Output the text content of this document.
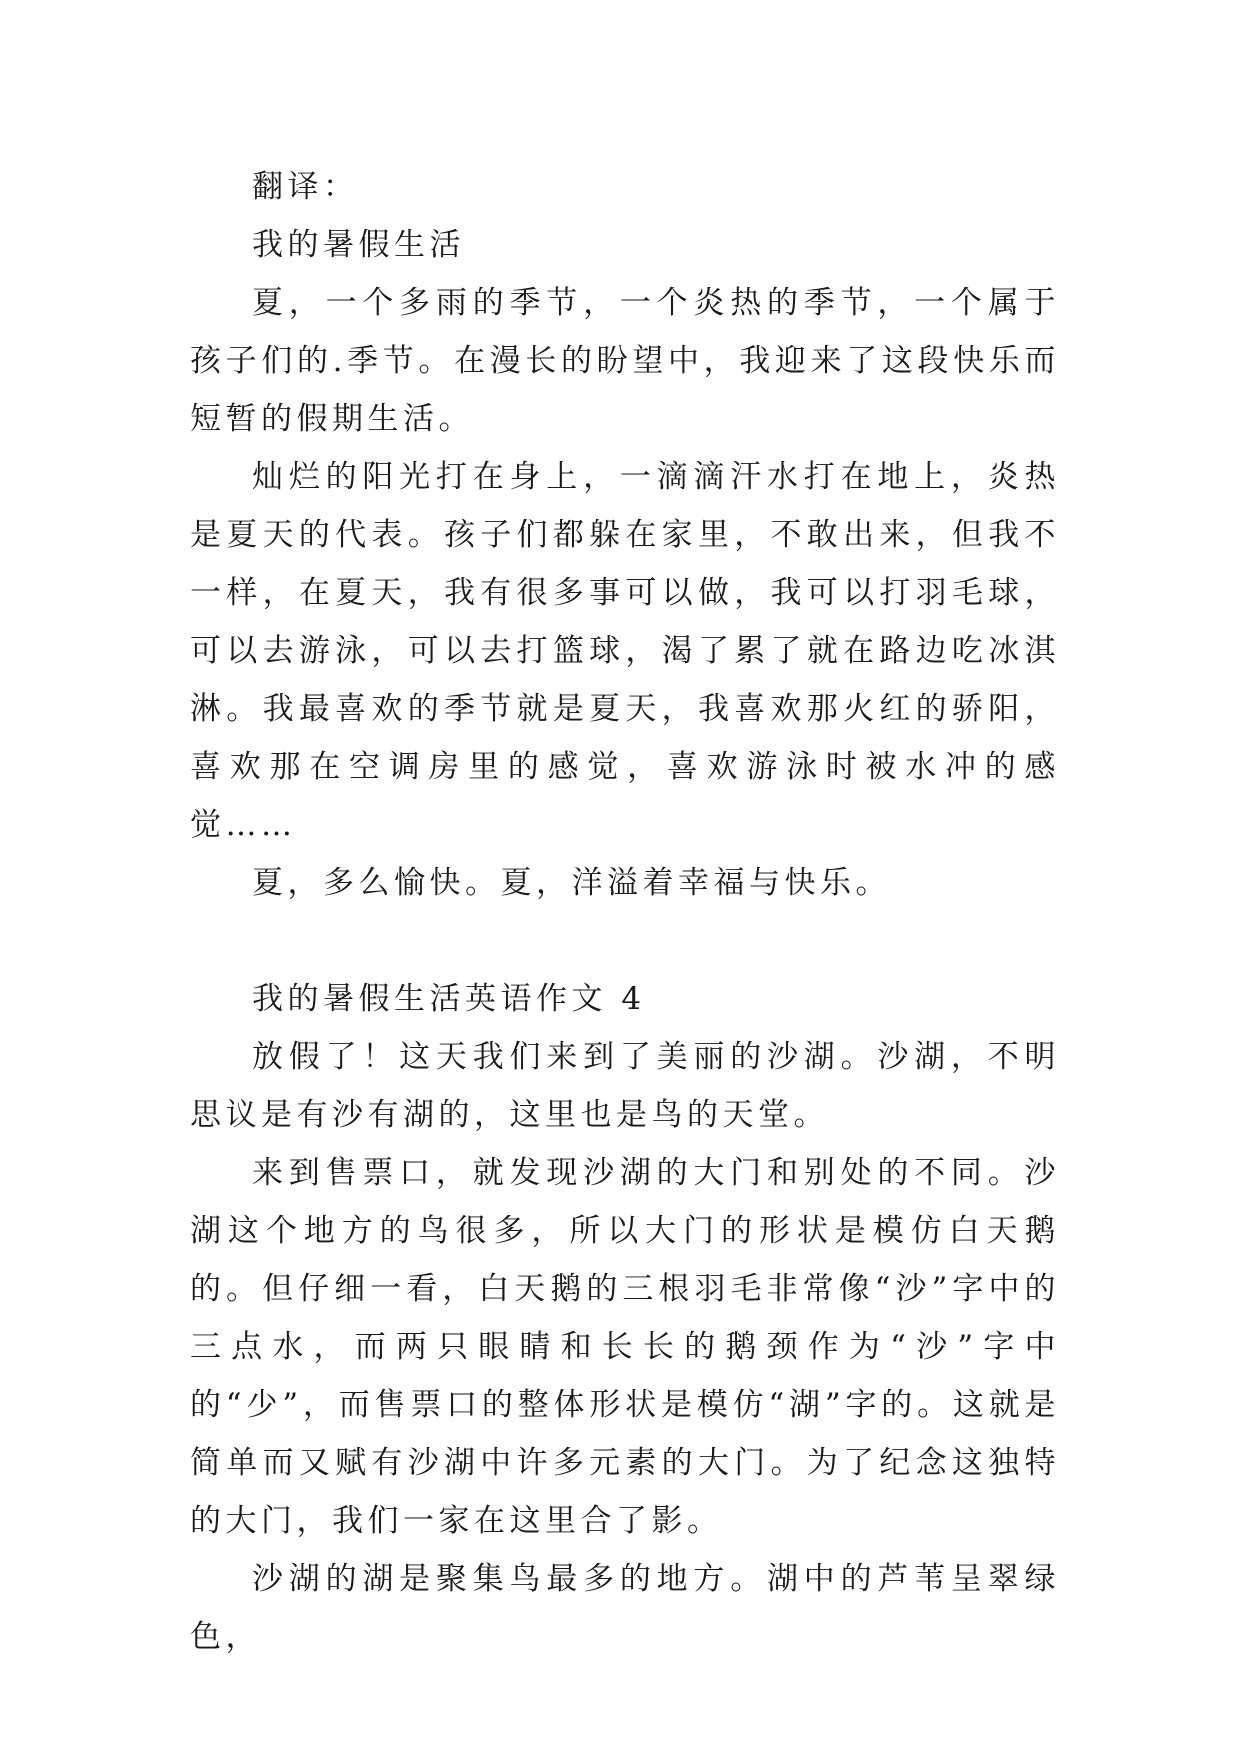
翻译：

我的暑假生活

夏，一个多雨的季节，一个炎热的季节，一个属于孩子们的.季节。在漫长的盼望中，我迎来了这段快乐而短暂的假期生活。

灿烂的阳光打在身上，一滴滴汗水打在地上，炎热是夏天的代表。孩子们都躲在家里，不敢出来，但我不一样，在夏天，我有很多事可以做，我可以打羽毛球，可以去游泳，可以去打篮球，渴了累了就在路边吃冰淇淋。我最喜欢的季节就是夏天，我喜欢那火红的骄阳，喜欢那在空调房里的感觉，喜欢游泳时被水冲的感觉……

夏，多么愉快。夏，洋溢着幸福与快乐。

我的暑假生活英语作文 4

放假了！这天我们来到了美丽的沙湖。沙湖，不明思议是有沙有湖的，这里也是鸟的天堂。

来到售票口，就发现沙湖的大门和别处的不同。沙湖这个地方的鸟很多，所以大门的形状是模仿白天鹅的。但仔细一看，白天鹅的三根羽毛非常像“沙”字中的三点水，而两只眼睛和长长的鹅颈作为“沙”字中的“少”，而售票口的整体形状是模仿“湖”字的。这就是简单而又赋有沙湖中许多元素的大门。为了纪念这独特的大门，我们一家在这里合了影。

沙湖的湖是聚集鸟最多的地方。湖中的芦苇呈翠绿色，
